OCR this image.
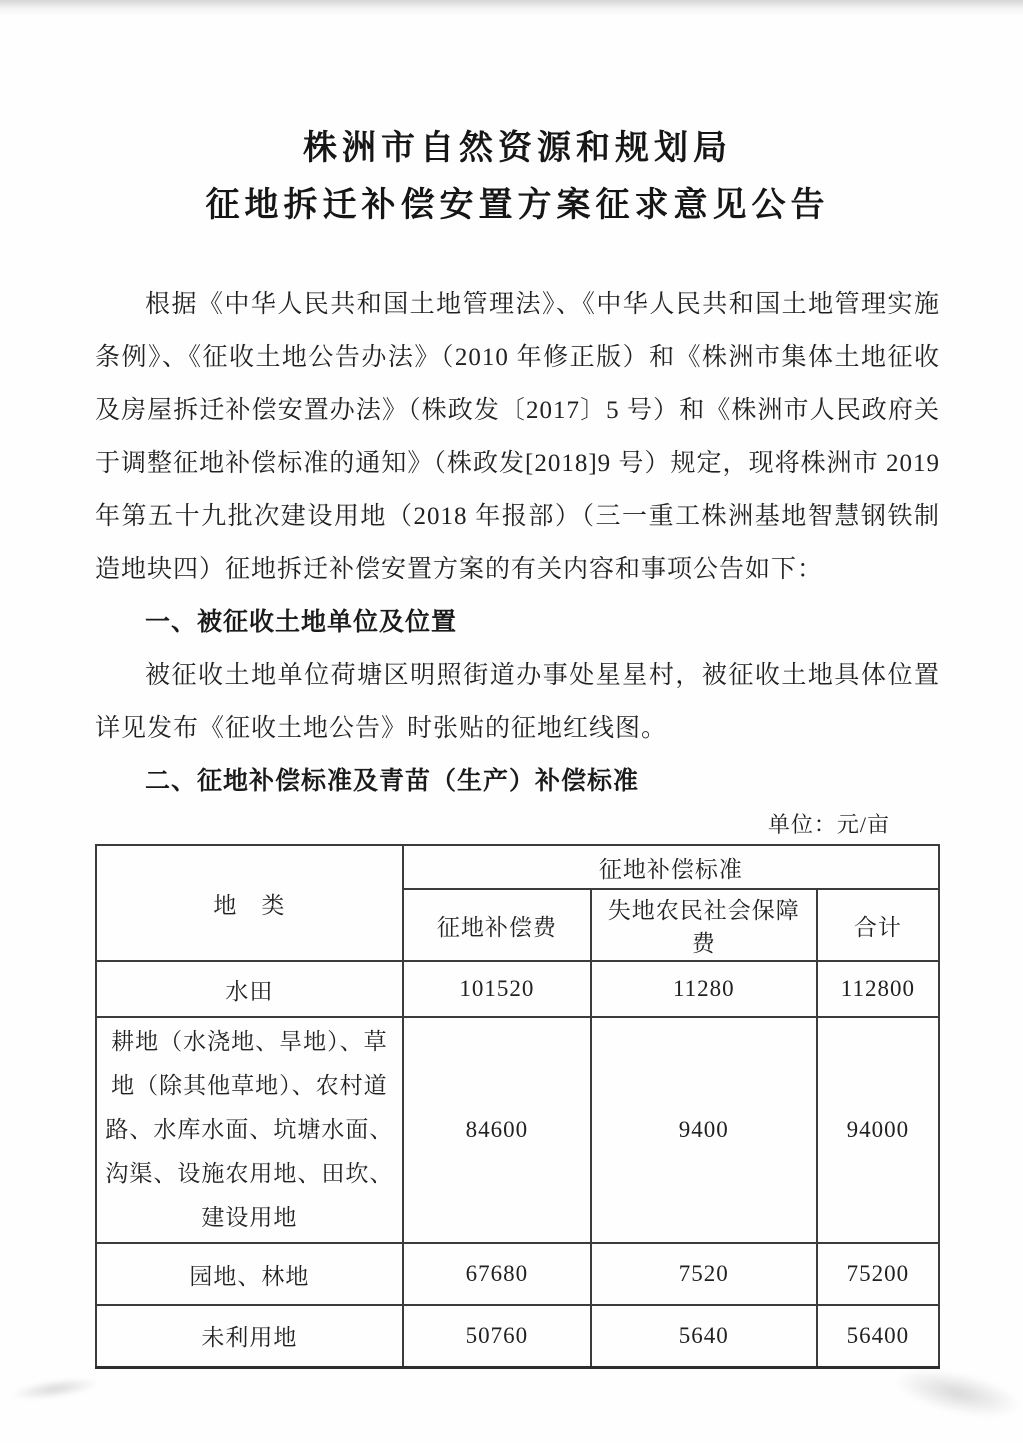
株洲市自然资源和规划局
征地拆迁补偿安置方案征求意见公告

根据《中华人民共和国土地管理法》、《中华人民共和国土地管理实施条例》、《征收土地公告办法》（2010 年修正版）和《株洲市集体土地征收及房屋拆迁补偿安置办法》（株政发〔2017〕5 号）和《株洲市人民政府关于调整征地补偿标准的通知》（株政发[2018]9 号）规定，现将株洲市 2019 年第五十九批次建设用地（2018 年报部）（三一重工株洲基地智慧钢铁制造地块四）征地拆迁补偿安置方案的有关内容和事项公告如下：

一、被征收土地单位及位置

被征收土地单位荷塘区明照街道办事处星星村，被征收土地具体位置详见发布《征收土地公告》时张贴的征地红线图。

二、征地补偿标准及青苗（生产）补偿标准

单位：元/亩
地　类	征地补偿标准		
	征地补偿费	失地农民社会保障费	合计
水田	101520	11280	112800
耕地（水浇地、旱地）、草地（除其他草地）、农村道路、水库水面、坑塘水面、沟渠、设施农用地、田坎、建设用地	84600	9400	94000
园地、林地	67680	7520	75200
未利用地	50760	5640	56400
